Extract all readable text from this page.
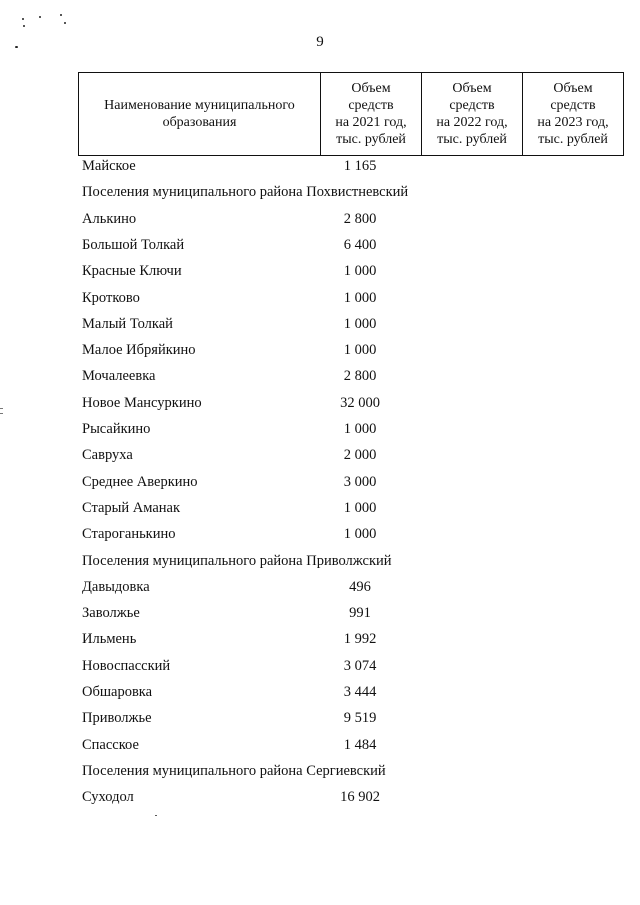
9
Наименование муниципального образования	
Объем
средств
на 2021 год,
тыс. рублей

Объем
средств
на 2022 год,
тыс. рублей

Объем
средств
на 2023 год,
тыс. рублей
Майское	1 165
Поселения муниципального района Похвистневский
Алькино	2 800
Большой Толкай	6 400
Красные Ключи	1 000
Кротково	1 000
Малый Толкай	1 000
Малое Ибряйкино	1 000
Мочалеевка	2 800
Новое Мансуркино	32 000
Рысайкино	1 000
Савруха	2 000
Среднее Аверкино	3 000
Старый Аманак	1 000
Староганькино	1 000
Поселения муниципального района Приволжский
Давыдовка	496
Заволжье	991
Ильмень	1 992
Новоспасский	3 074
Обшаровка	3 444
Приволжье	9 519
Спасское	1 484
Поселения муниципального района Сергиевский
Суходол	16 902
